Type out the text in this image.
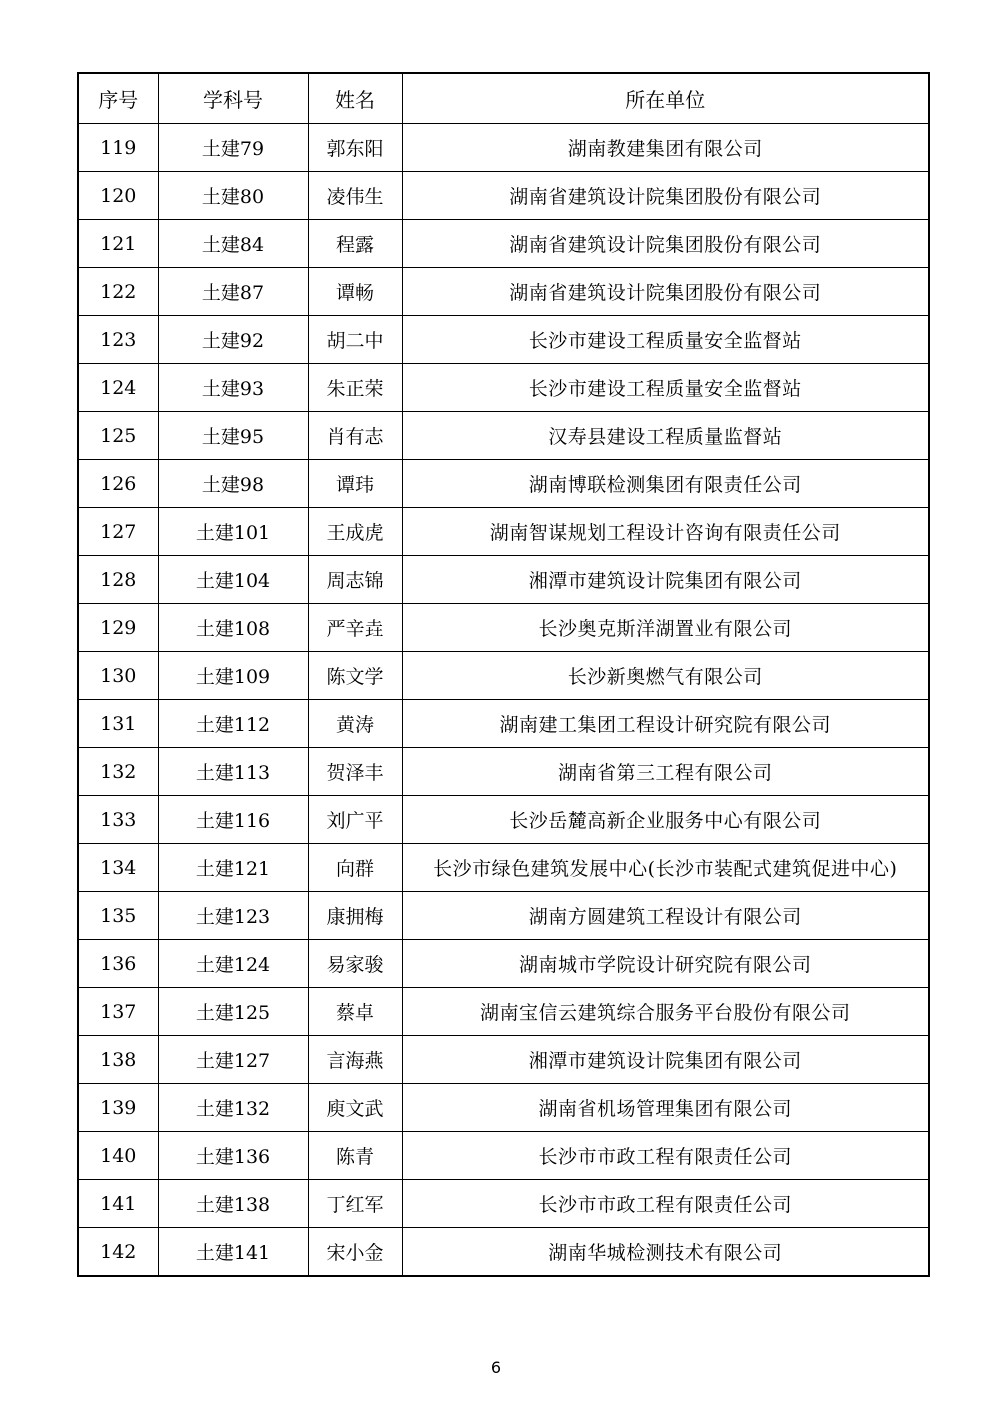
序号	学科号	姓名	所在单位
119	土建79	郭东阳	湖南教建集团有限公司
120	土建80	凌伟生	湖南省建筑设计院集团股份有限公司
121	土建84	程露	湖南省建筑设计院集团股份有限公司
122	土建87	谭畅	湖南省建筑设计院集团股份有限公司
123	土建92	胡二中	长沙市建设工程质量安全监督站
124	土建93	朱正荣	长沙市建设工程质量安全监督站
125	土建95	肖有志	汉寿县建设工程质量监督站
126	土建98	谭玮	湖南博联检测集团有限责任公司
127	土建101	王成虎	湖南智谋规划工程设计咨询有限责任公司
128	土建104	周志锦	湘潭市建筑设计院集团有限公司
129	土建108	严辛垚	长沙奥克斯洋湖置业有限公司
130	土建109	陈文学	长沙新奥燃气有限公司
131	土建112	黄涛	湖南建工集团工程设计研究院有限公司
132	土建113	贺泽丰	湖南省第三工程有限公司
133	土建116	刘广平	长沙岳麓高新企业服务中心有限公司
134	土建121	向群	长沙市绿色建筑发展中心(长沙市装配式建筑促进中心)
135	土建123	康拥梅	湖南方圆建筑工程设计有限公司
136	土建124	易家骏	湖南城市学院设计研究院有限公司
137	土建125	蔡卓	湖南宝信云建筑综合服务平台股份有限公司
138	土建127	言海燕	湘潭市建筑设计院集团有限公司
139	土建132	庾文武	湖南省机场管理集团有限公司
140	土建136	陈青	长沙市市政工程有限责任公司
141	土建138	丁红军	长沙市市政工程有限责任公司
142	土建141	宋小金	湖南华城检测技术有限公司
6
